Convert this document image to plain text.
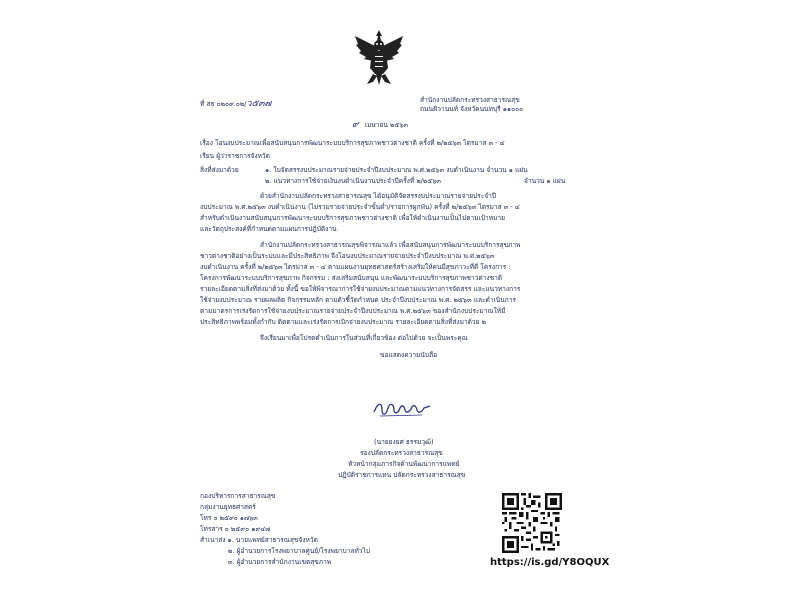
ที่ สธ ๐๒๐๙.๐๒/ว๕๓๗	สำนักงานปลัดกระทรวงสาธารณสุข
ถนนติวานนท์ จังหวัดนนทบุรี ๑๑๐๐๐
๙ เมษายน ๒๕๖๓
เรื่อง โอนงบประมาณเพื่อสนับสนุนการพัฒนาระบบบริการสุขภาพชาวต่างชาติ ครั้งที่ ๒/๒๕๖๓ ไตรมาส ๓ - ๔
เรียน ผู้ว่าราชการจังหวัด
สิ่งที่ส่งมาด้วย	๑. ใบจัดสรรงบประมาณรายจ่ายประจำปีงบประมาณ พ.ศ.๒๕๖๓ งบดำเนินงาน จำนวน ๑ แผ่น
๒. แนวทางการใช้จ่ายเงินงบดำเนินงานประจำปีครั้งที่ ๒/๒๕๖๓	จำนวน ๑ แผ่น
ด้วยสำนักงานปลัดกระทรวงสาธารณสุข ได้อนุมัติจัดสรรงบประมาณรายจ่ายประจำปี
งบประมาณ พ.ศ.๒๕๖๓ งบดำเนินงาน (ไม่รวมรายจ่ายประจำขั้นต่ำ/รายการผูกพัน) ครั้งที่ ๒/๒๕๖๓ ไตรมาส ๓ - ๔
สำหรับดำเนินงานสนับสนุนการพัฒนาระบบบริการสุขภาพชาวต่างชาติ เพื่อให้ดำเนินงานเป็นไปตามเป้าหมาย
และวัตถุประสงค์ที่กำหนดตามแผนการปฏิบัติงาน
สำนักงานปลัดกระทรวงสาธารณสุขพิจารณาแล้ว เพื่อสนับสนุนการพัฒนาระบบบริการสุขภาพ
ชาวต่างชาติอย่างเป็นระบบและมีประสิทธิภาพ จึงโอนงบประมาณรายจ่ายประจำปีงบประมาณ พ.ศ.๒๕๖๓
งบดำเนินงาน ครั้งที่ ๒/๒๕๖๓ ไตรมาส ๓ - ๔ ตามแผนงานยุทธศาสตร์สร้างเสริมให้คนมีสุขภาวะที่ดี โครงการ :
โครงการพัฒนาระบบบริการสุขภาพ กิจกรรม : ส่งเสริมสนับสนุน และพัฒนาระบบบริการสุขภาพชาวต่างชาติ
รายละเอียดตามสิ่งที่ส่งมาด้วย ทั้งนี้ ขอให้พิจารณาการใช้จ่ายงบประมาณตามแนวทางการจัดสรร และแนวทางการ
ใช้จ่ายงบประมาณ รายผลผลิต กิจกรรมหลัก ตามตัวชี้วัดกำหนด ประจำปีงบประมาณ พ.ศ. ๒๕๖๓ และดำเนินการ
ตามมาตรการเร่งรัดการใช้จ่ายงบประมาณรายจ่ายประจำปีงบประมาณ พ.ศ.๒๕๖๓ ของสำนักงบประมาณให้มี
ประสิทธิภาพพร้อมทั้งกำกับ ติดตามและเร่งรัดการเบิกจ่ายงบประมาณ รายละเอียดตามสิ่งที่ส่งมาด้วย ๒
จึงเรียนมาเพื่อโปรดดำเนินการในส่วนที่เกี่ยวข้อง ต่อไปด้วย จะเป็นพระคุณ
ขอแสดงความนับถือ
(นายยงยศ ธรรมวุฒิ)
รองปลัดกระทรวงสาธารณสุข
หัวหน้ากลุ่มภารกิจด้านพัฒนาการแพทย์
ปฏิบัติราชการแทน ปลัดกระทรวงสาธารณสุข
กองบริหารการสาธารณสุข
กลุ่มงานยุทธศาสตร์
โทร ๐ ๒๕๙๐ ๑๗๖๓
โทรสาร ๐ ๒๕๙๐ ๑๙๔๗
สำเนาส่ง ๑. นายแพทย์สาธารณสุขจังหวัด
๒. ผู้อำนวยการโรงพยาบาลศูนย์/โรงพยาบาลทั่วไป
๓. ผู้อำนวยการสำนักงานเขตสุขภาพ	https://is.gd/Y8OQUX
